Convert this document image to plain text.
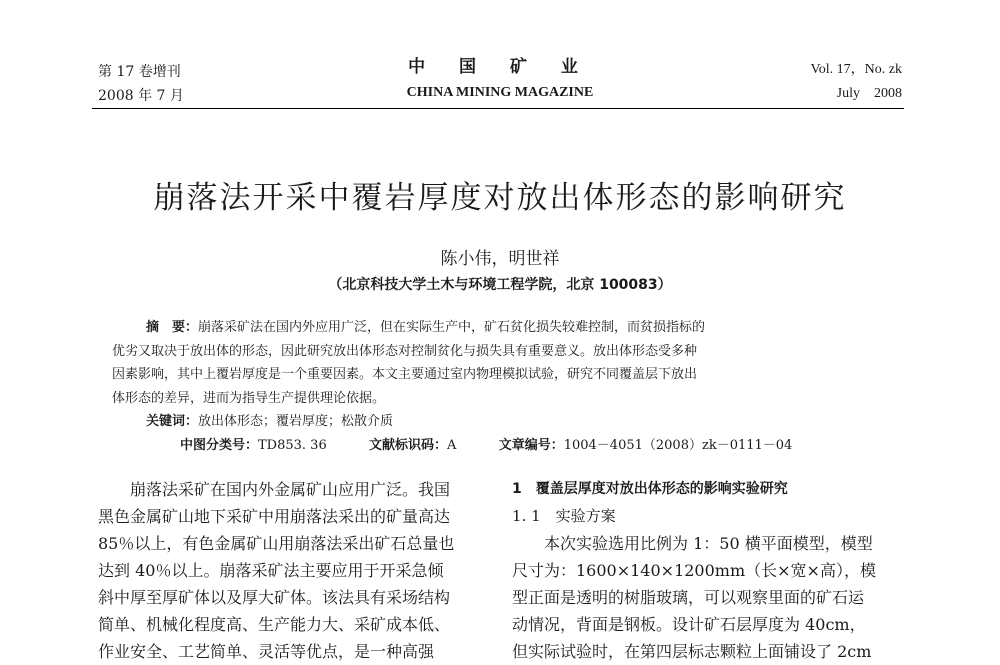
第 17 卷增刊
2008 年 7 月
中 国 矿 业
CHINA MINING MAGAZINE
Vol. 17，No. zk
July　2008
崩落法开采中覆岩厚度对放出体形态的影响研究
陈小伟，明世祥
（北京科技大学土木与环境工程学院，北京 100083）
摘　要：崩落采矿法在国内外应用广泛，但在实际生产中，矿石贫化损失较难控制，而贫损指标的
优劣又取决于放出体的形态，因此研究放出体形态对控制贫化与损失具有重要意义。放出体形态受多种
因素影响，其中上覆岩厚度是一个重要因素。本文主要通过室内物理模拟试验，研究不同覆盖层下放出
体形态的差异，进而为指导生产提供理论依据。
关键词：放出体形态；覆岩厚度；松散介质
中图分类号：TD853. 36	文献标识码：A	文章编号：1004－4051（2008）zk－0111－04
　　崩落法采矿在国内外金属矿山应用广泛。我国
黑色金属矿山地下采矿中用崩落法采出的矿量高达
85％以上，有色金属矿山用崩落法采出矿石总量也
达到 40％以上。崩落采矿法主要应用于开采急倾
斜中厚至厚矿体以及厚大矿体。该法具有采场结构
简单、机械化程度高、生产能力大、采矿成本低、
作业安全、工艺简单、灵活等优点，是一种高强
1　覆盖层厚度对放出体形态的影响实验研究
1. 1　实验方案
　　本次实验选用比例为 1：50 横平面模型，模型
尺寸为：1600×140×1200mm（长×宽×高），模
型正面是透明的树脂玻璃，可以观察里面的矿石运
动情况，背面是钢板。设计矿石层厚度为 40cm，
但实际试验时，在第四层标志颗粒上面铺设了 2cm
